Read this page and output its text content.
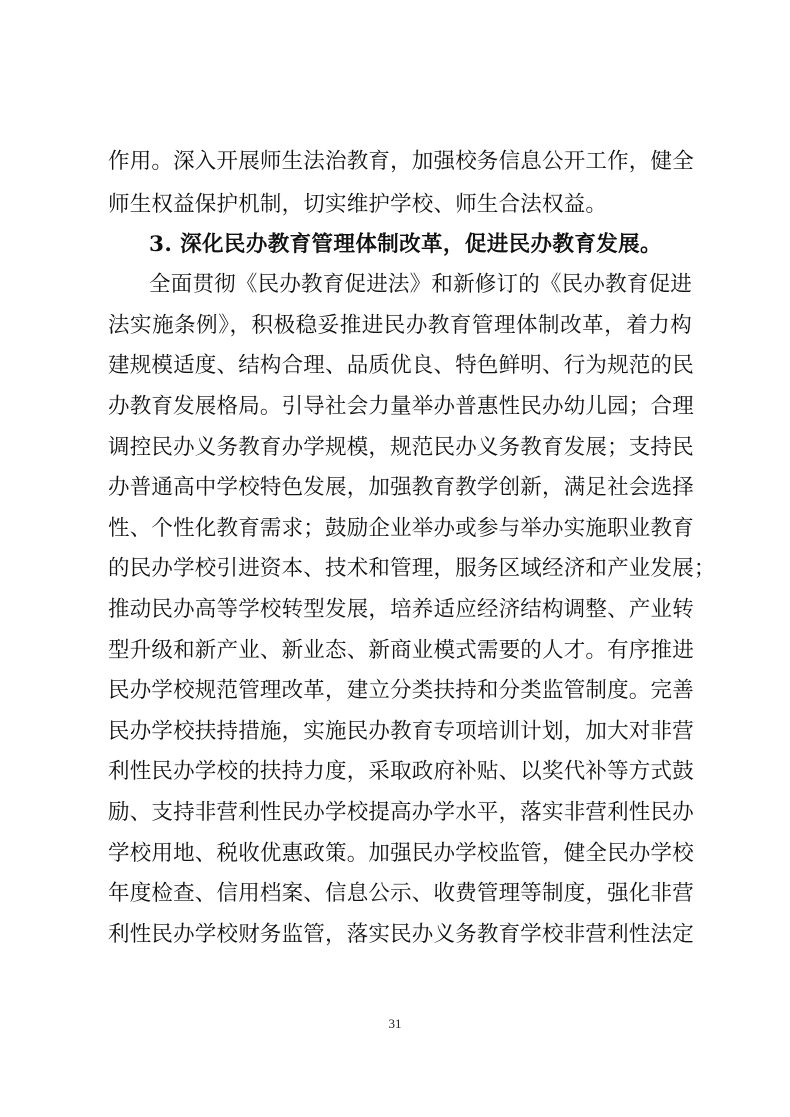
作用。深入开展师生法治教育，加强校务信息公开工作，健全
师生权益保护机制，切实维护学校、师生合法权益。
3. 深化民办教育管理体制改革，促进民办教育发展。
全面贯彻《民办教育促进法》和新修订的《民办教育促进
法实施条例》，积极稳妥推进民办教育管理体制改革，着力构
建规模适度、结构合理、品质优良、特色鲜明、行为规范的民
办教育发展格局。引导社会力量举办普惠性民办幼儿园；合理
调控民办义务教育办学规模，规范民办义务教育发展；支持民
办普通高中学校特色发展，加强教育教学创新，满足社会选择
性、个性化教育需求；鼓励企业举办或参与举办实施职业教育
的民办学校引进资本、技术和管理，服务区域经济和产业发展；
推动民办高等学校转型发展，培养适应经济结构调整、产业转
型升级和新产业、新业态、新商业模式需要的人才。有序推进
民办学校规范管理改革，建立分类扶持和分类监管制度。完善
民办学校扶持措施，实施民办教育专项培训计划，加大对非营
利性民办学校的扶持力度，采取政府补贴、以奖代补等方式鼓
励、支持非营利性民办学校提高办学水平，落实非营利性民办
学校用地、税收优惠政策。加强民办学校监管，健全民办学校
年度检查、信用档案、信息公示、收费管理等制度，强化非营
利性民办学校财务监管，落实民办义务教育学校非营利性法定
31
